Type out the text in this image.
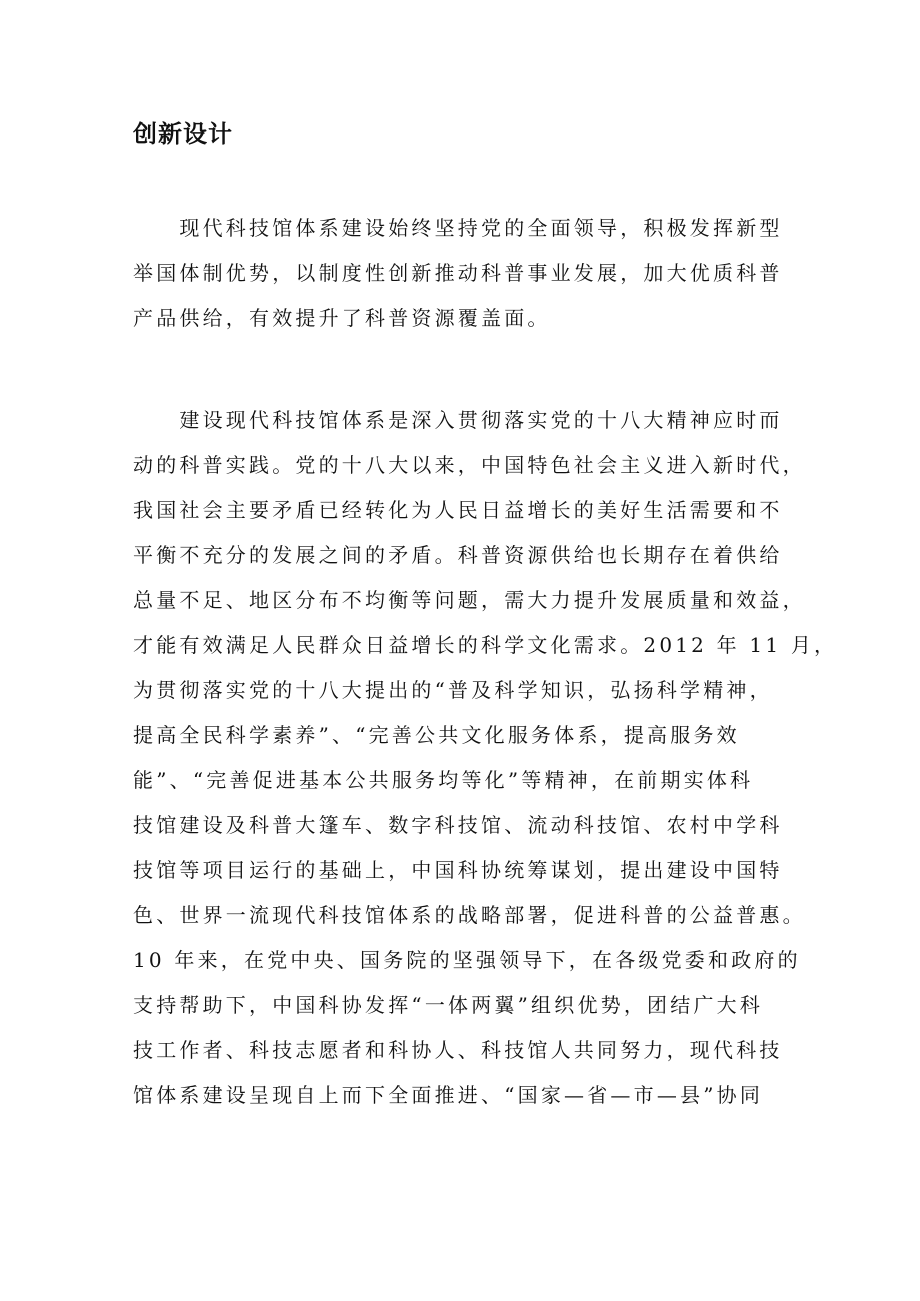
创新设计
　　现代科技馆体系建设始终坚持党的全面领导，积极发挥新型
举国体制优势，以制度性创新推动科普事业发展，加大优质科普
产品供给，有效提升了科普资源覆盖面。
　　建设现代科技馆体系是深入贯彻落实党的十八大精神应时而
动的科普实践。党的十八大以来，中国特色社会主义进入新时代，
我国社会主要矛盾已经转化为人民日益增长的美好生活需要和不
平衡不充分的发展之间的矛盾。科普资源供给也长期存在着供给
总量不足、地区分布不均衡等问题，需大力提升发展质量和效益，
才能有效满足人民群众日益增长的科学文化需求。2012 年 11 月，
为贯彻落实党的十八大提出的“普及科学知识，弘扬科学精神，
提高全民科学素养”、“完善公共文化服务体系，提高服务效
能”、“完善促进基本公共服务均等化”等精神，在前期实体科
技馆建设及科普大篷车、数字科技馆、流动科技馆、农村中学科
技馆等项目运行的基础上，中国科协统筹谋划，提出建设中国特
色、世界一流现代科技馆体系的战略部署，促进科普的公益普惠。
10 年来，在党中央、国务院的坚强领导下，在各级党委和政府的
支持帮助下，中国科协发挥“一体两翼”组织优势，团结广大科
技工作者、科技志愿者和科协人、科技馆人共同努力，现代科技
馆体系建设呈现自上而下全面推进、“国家—省—市—县”协同
